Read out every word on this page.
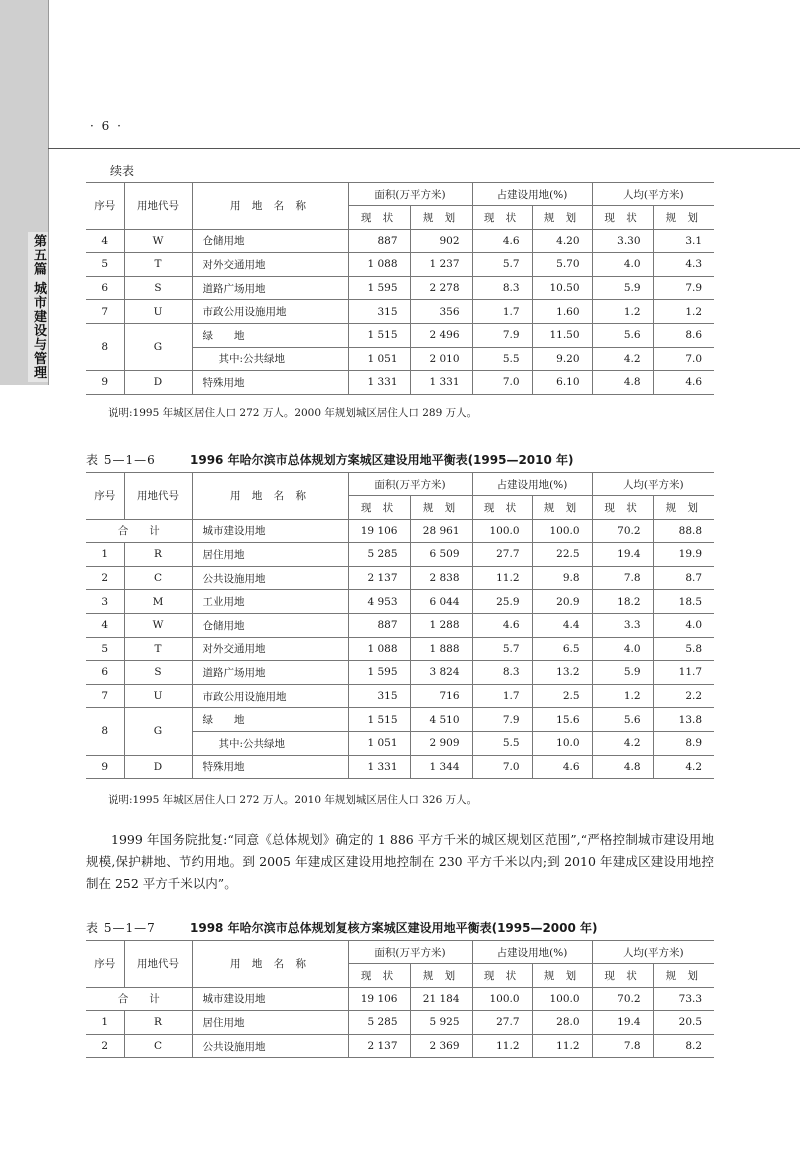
第五篇 城市建设与管理
· 6 ·
续表
序号	用地代号	用 地 名 称	面积(万平方米)		占建设用地(%)		人均(平方米)	
			现 状	规 划	现 状	规 划	现 状	规 划
4	W	仓储用地	887	902	4.6	4.20	3.30	3.1
5	T	对外交通用地	1 088	1 237	5.7	5.70	4.0	4.3
6	S	道路广场用地	1 595	2 278	8.3	10.50	5.9	7.9
7	U	市政公用设施用地	315	356	1.7	1.60	1.2	1.2
8	G	绿　　地	1 515	2 496	7.9	11.50	5.6	8.6
		其中:公共绿地	1 051	2 010	5.5	9.20	4.2	7.0
9	D	特殊用地	1 331	1 331	7.0	6.10	4.8	4.6
说明:1995 年城区居住人口 272 万人。2000 年规划城区居住人口 289 万人。
表 5—1—6	1996 年哈尔滨市总体规划方案城区建设用地平衡表(1995—2010 年)
序号	用地代号	用 地 名 称	面积(万平方米)		占建设用地(%)		人均(平方米)	
			现 状	规 划	现 状	规 划	现 状	规 划
合　　计		城市建设用地	19 106	28 961	100.0	100.0	70.2	88.8
1	R	居住用地	5 285	6 509	27.7	22.5	19.4	19.9
2	C	公共设施用地	2 137	2 838	11.2	9.8	7.8	8.7
3	M	工业用地	4 953	6 044	25.9	20.9	18.2	18.5
4	W	仓储用地	887	1 288	4.6	4.4	3.3	4.0
5	T	对外交通用地	1 088	1 888	5.7	6.5	4.0	5.8
6	S	道路广场用地	1 595	3 824	8.3	13.2	5.9	11.7
7	U	市政公用设施用地	315	716	1.7	2.5	1.2	2.2
8	G	绿　　地	1 515	4 510	7.9	15.6	5.6	13.8
		其中:公共绿地	1 051	2 909	5.5	10.0	4.2	8.9
9	D	特殊用地	1 331	1 344	7.0	4.6	4.8	4.2
说明:1995 年城区居住人口 272 万人。2010 年规划城区居住人口 326 万人。
1999 年国务院批复:“同意《总体规划》确定的 1 886 平方千米的城区规划区范围”,“严格控制城市建设用地规模,保护耕地、节约用地。到 2005 年建成区建设用地控制在 230 平方千米以内;到 2010 年建成区建设用地控制在 252 平方千米以内”。
表 5—1—7	1998 年哈尔滨市总体规划复核方案城区建设用地平衡表(1995—2000 年)
序号	用地代号	用 地 名 称	面积(万平方米)		占建设用地(%)		人均(平方米)	
			现 状	规 划	现 状	规 划	现 状	规 划
合　　计		城市建设用地	19 106	21 184	100.0	100.0	70.2	73.3
1	R	居住用地	5 285	5 925	27.7	28.0	19.4	20.5
2	C	公共设施用地	2 137	2 369	11.2	11.2	7.8	8.2
